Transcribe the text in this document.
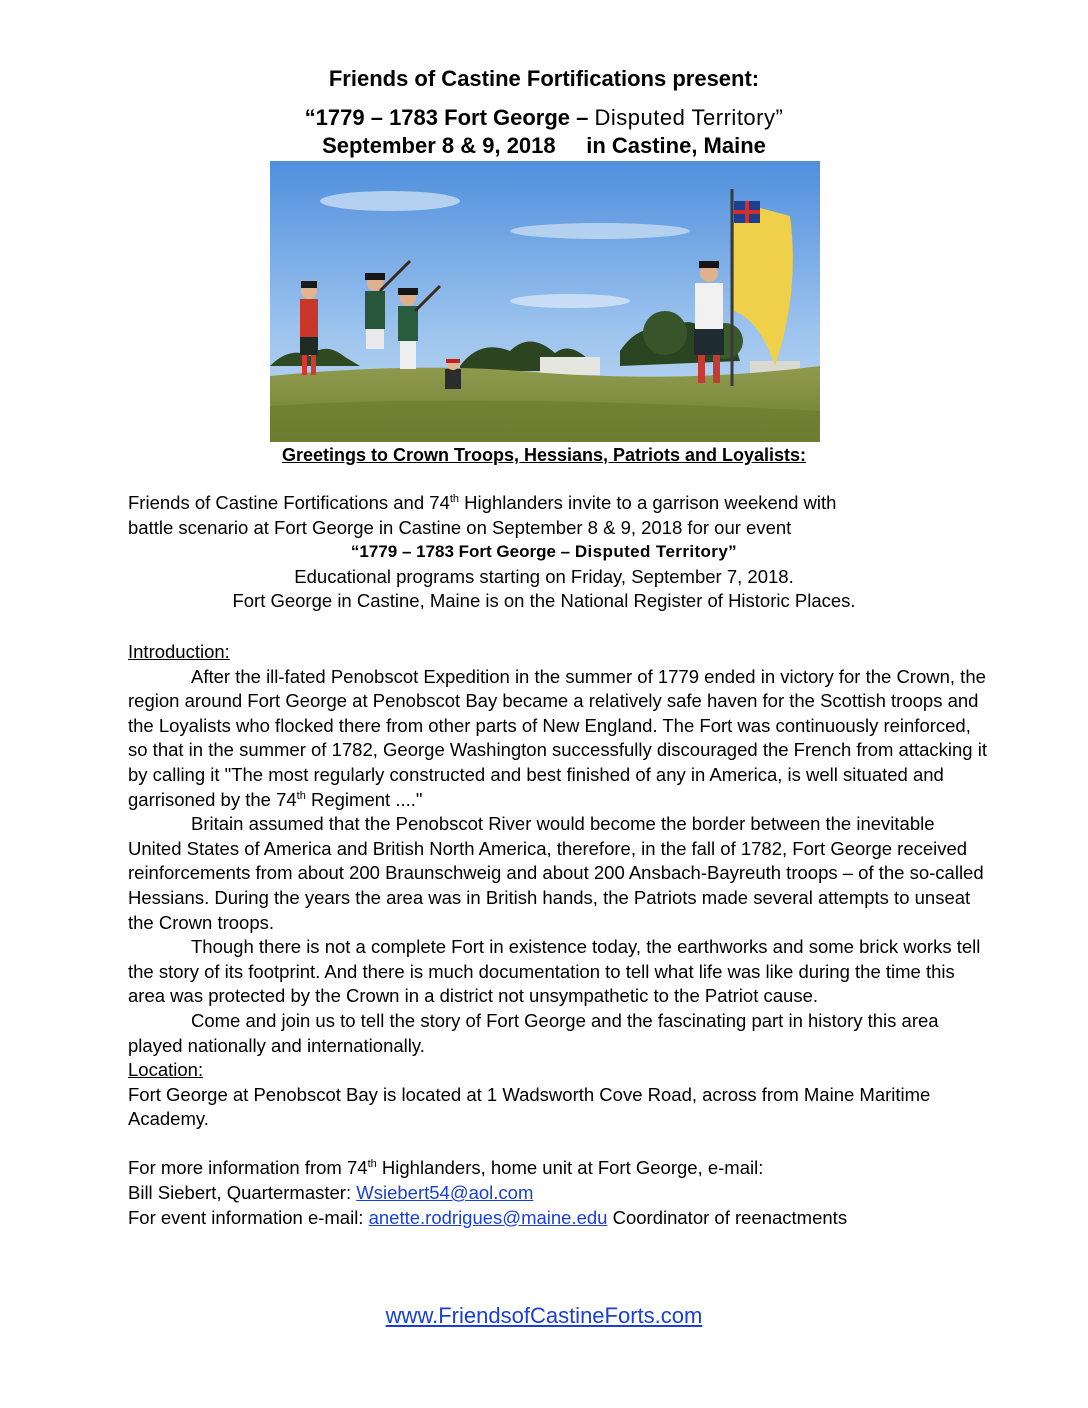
Friends of Castine Fortifications present:
“1779 – 1783 Fort George – Disputed Territory”
September 8 & 9, 2018 in Castine, Maine
Greetings to Crown Troops, Hessians, Patriots and Loyalists:

Friends of Castine Fortifications and 74th Highlanders invite to a garrison weekend with

battle scenario at Fort George in Castine on September 8 & 9, 2018 for our event

“1779 – 1783 Fort George – Disputed Territory”

Educational programs starting on Friday, September 7, 2018.

Fort George in Castine, Maine is on the National Register of Historic Places.

Introduction:

After the ill-fated Penobscot Expedition in the summer of 1779 ended in victory for the Crown, the region around Fort George at Penobscot Bay became a relatively safe haven for the Scottish troops and the Loyalists who flocked there from other parts of New England. The Fort was continuously reinforced, so that in the summer of 1782, George Washington successfully discouraged the French from attacking it by calling it "The most regularly constructed and best finished of any in America, is well situated and garrisoned by the 74th Regiment ...."

Britain assumed that the Penobscot River would become the border between the inevitable United States of America and British North America, therefore, in the fall of 1782, Fort George received reinforcements from about 200 Braunschweig and about 200 Ansbach-Bayreuth troops – of the so-called Hessians. During the years the area was in British hands, the Patriots made several attempts to unseat the Crown troops.

Though there is not a complete Fort in existence today, the earthworks and some brick works tell the story of its footprint. And there is much documentation to tell what life was like during the time this area was protected by the Crown in a district not unsympathetic to the Patriot cause.

Come and join us to tell the story of Fort George and the fascinating part in history this area played nationally and internationally.

Location:

Fort George at Penobscot Bay is located at 1 Wadsworth Cove Road, across from Maine Maritime Academy.

For more information from 74th Highlanders, home unit at Fort George, e-mail:

Bill Siebert, Quartermaster: Wsiebert54@aol.com

For event information e-mail: anette.rodrigues@maine.edu Coordinator of reenactments

www.FriendsofCastineForts.com
